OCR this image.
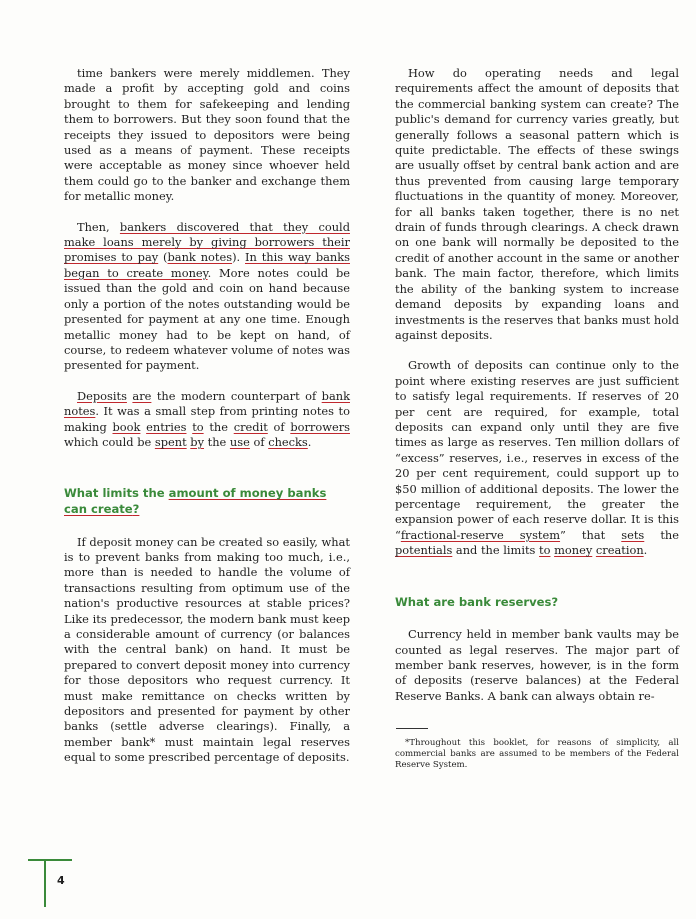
time bankers were merely middlemen. They made a profit by accepting gold and coins brought to them for safekeeping and lending them to borrowers. But they soon found that the receipts they issued to depositors were being used as a means of payment. These receipts were acceptable as money since whoever held them could go to the banker and exchange them for metallic money.

Then, bankers discovered that they could make loans merely by giving borrowers their promises to pay (bank notes). In this way banks began to create money. More notes could be issued than the gold and coin on hand because only a portion of the notes outstanding would be presented for payment at any one time. Enough metallic money had to be kept on hand, of course, to redeem whatever volume of notes was presented for payment.

Deposits are the modern counterpart of bank notes. It was a small step from printing notes to making book entries to the credit of borrowers which could be spent by the use of checks.

What limits the amount of money banks can create?

If deposit money can be created so easily, what is to prevent banks from making too much, i.e., more than is needed to handle the volume of transactions resulting from optimum use of the nation's productive resources at stable prices? Like its predecessor, the modern bank must keep a considerable amount of currency (or balances with the central bank) on hand. It must be prepared to convert deposit money into currency for those depositors who request currency. It must make remittance on checks written by depositors and presented for payment by other banks (settle adverse clearings). Finally, a member bank* must maintain legal reserves equal to some prescribed percentage of deposits.

How do operating needs and legal requirements affect the amount of deposits that the commercial banking system can create? The public's demand for currency varies greatly, but generally follows a seasonal pattern which is quite predictable. The effects of these swings are usually offset by central bank action and are thus prevented from causing large temporary fluctuations in the quantity of money. Moreover, for all banks taken together, there is no net drain of funds through clearings. A check drawn on one bank will normally be deposited to the credit of another account in the same or another bank. The main factor, therefore, which limits the ability of the banking system to increase demand deposits by expanding loans and investments is the reserves that banks must hold against deposits.

Growth of deposits can continue only to the point where existing reserves are just sufficient to satisfy legal requirements. If reserves of 20 per cent are required, for example, total deposits can expand only until they are five times as large as reserves. Ten million dollars of “excess” reserves, i.e., reserves in excess of the 20 per cent requirement, could support up to $50 million of additional deposits. The lower the percentage requirement, the greater the expansion power of each reserve dollar. It is this “fractional-reserve system” that sets the potentials and the limits to money creation.

What are bank reserves?

Currency held in member bank vaults may be counted as legal reserves. The major part of member bank reserves, however, is in the form of deposits (reserve balances) at the Federal Reserve Banks. A bank can always obtain re-

*Throughout this booklet, for reasons of simplicity, all commercial banks are assumed to be members of the Federal Reserve System.

4
